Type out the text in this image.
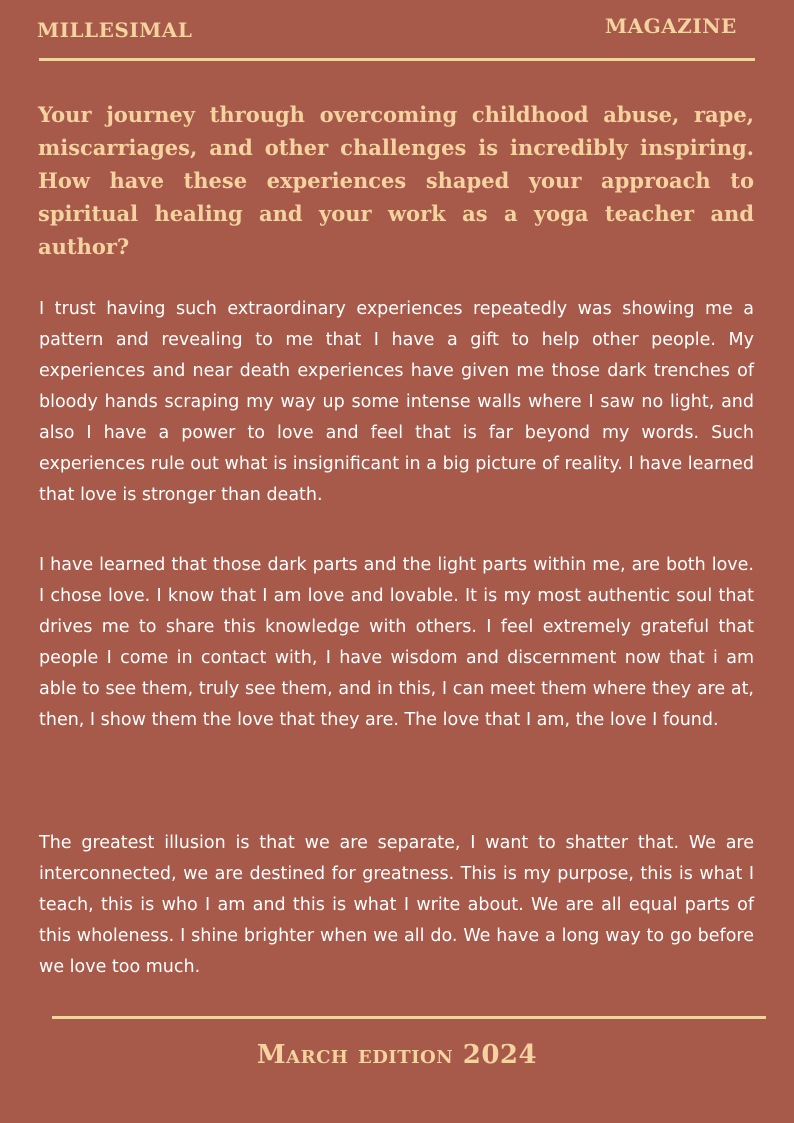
MILLESIMAL	MAGAZINE

Your journey through overcoming childhood abuse, rape, miscarriages, and other challenges is incredibly inspiring. How have these experiences shaped your approach to spiritual healing and your work as a yoga teacher and author?

I trust having such extraordinary experiences repeatedly was showing me a pattern and revealing to me that I have a gift to help other people. My experiences and near death experiences have given me those dark trenches of bloody hands scraping my way up some intense walls where I saw no light, and also I have a power to love and feel that is far beyond my words. Such experiences rule out what is insignificant in a big picture of reality. I have learned that love is stronger than death.

I have learned that those dark parts and the light parts within me, are both love. I chose love. I know that I am love and lovable. It is my most authentic soul that drives me to share this knowledge with others. I feel extremely grateful that people I come in contact with, I have wisdom and discernment now that i am able to see them, truly see them, and in this, I can meet them where they are at, then, I show them the love that they are. The love that I am, the love I found.

The greatest illusion is that we are separate, I want to shatter that. We are interconnected, we are destined for greatness. This is my purpose, this is what I teach, this is who I am and this is what I write about. We are all equal parts of this wholeness. I shine brighter when we all do. We have a long way to go before we love too much.

March edition 2024
